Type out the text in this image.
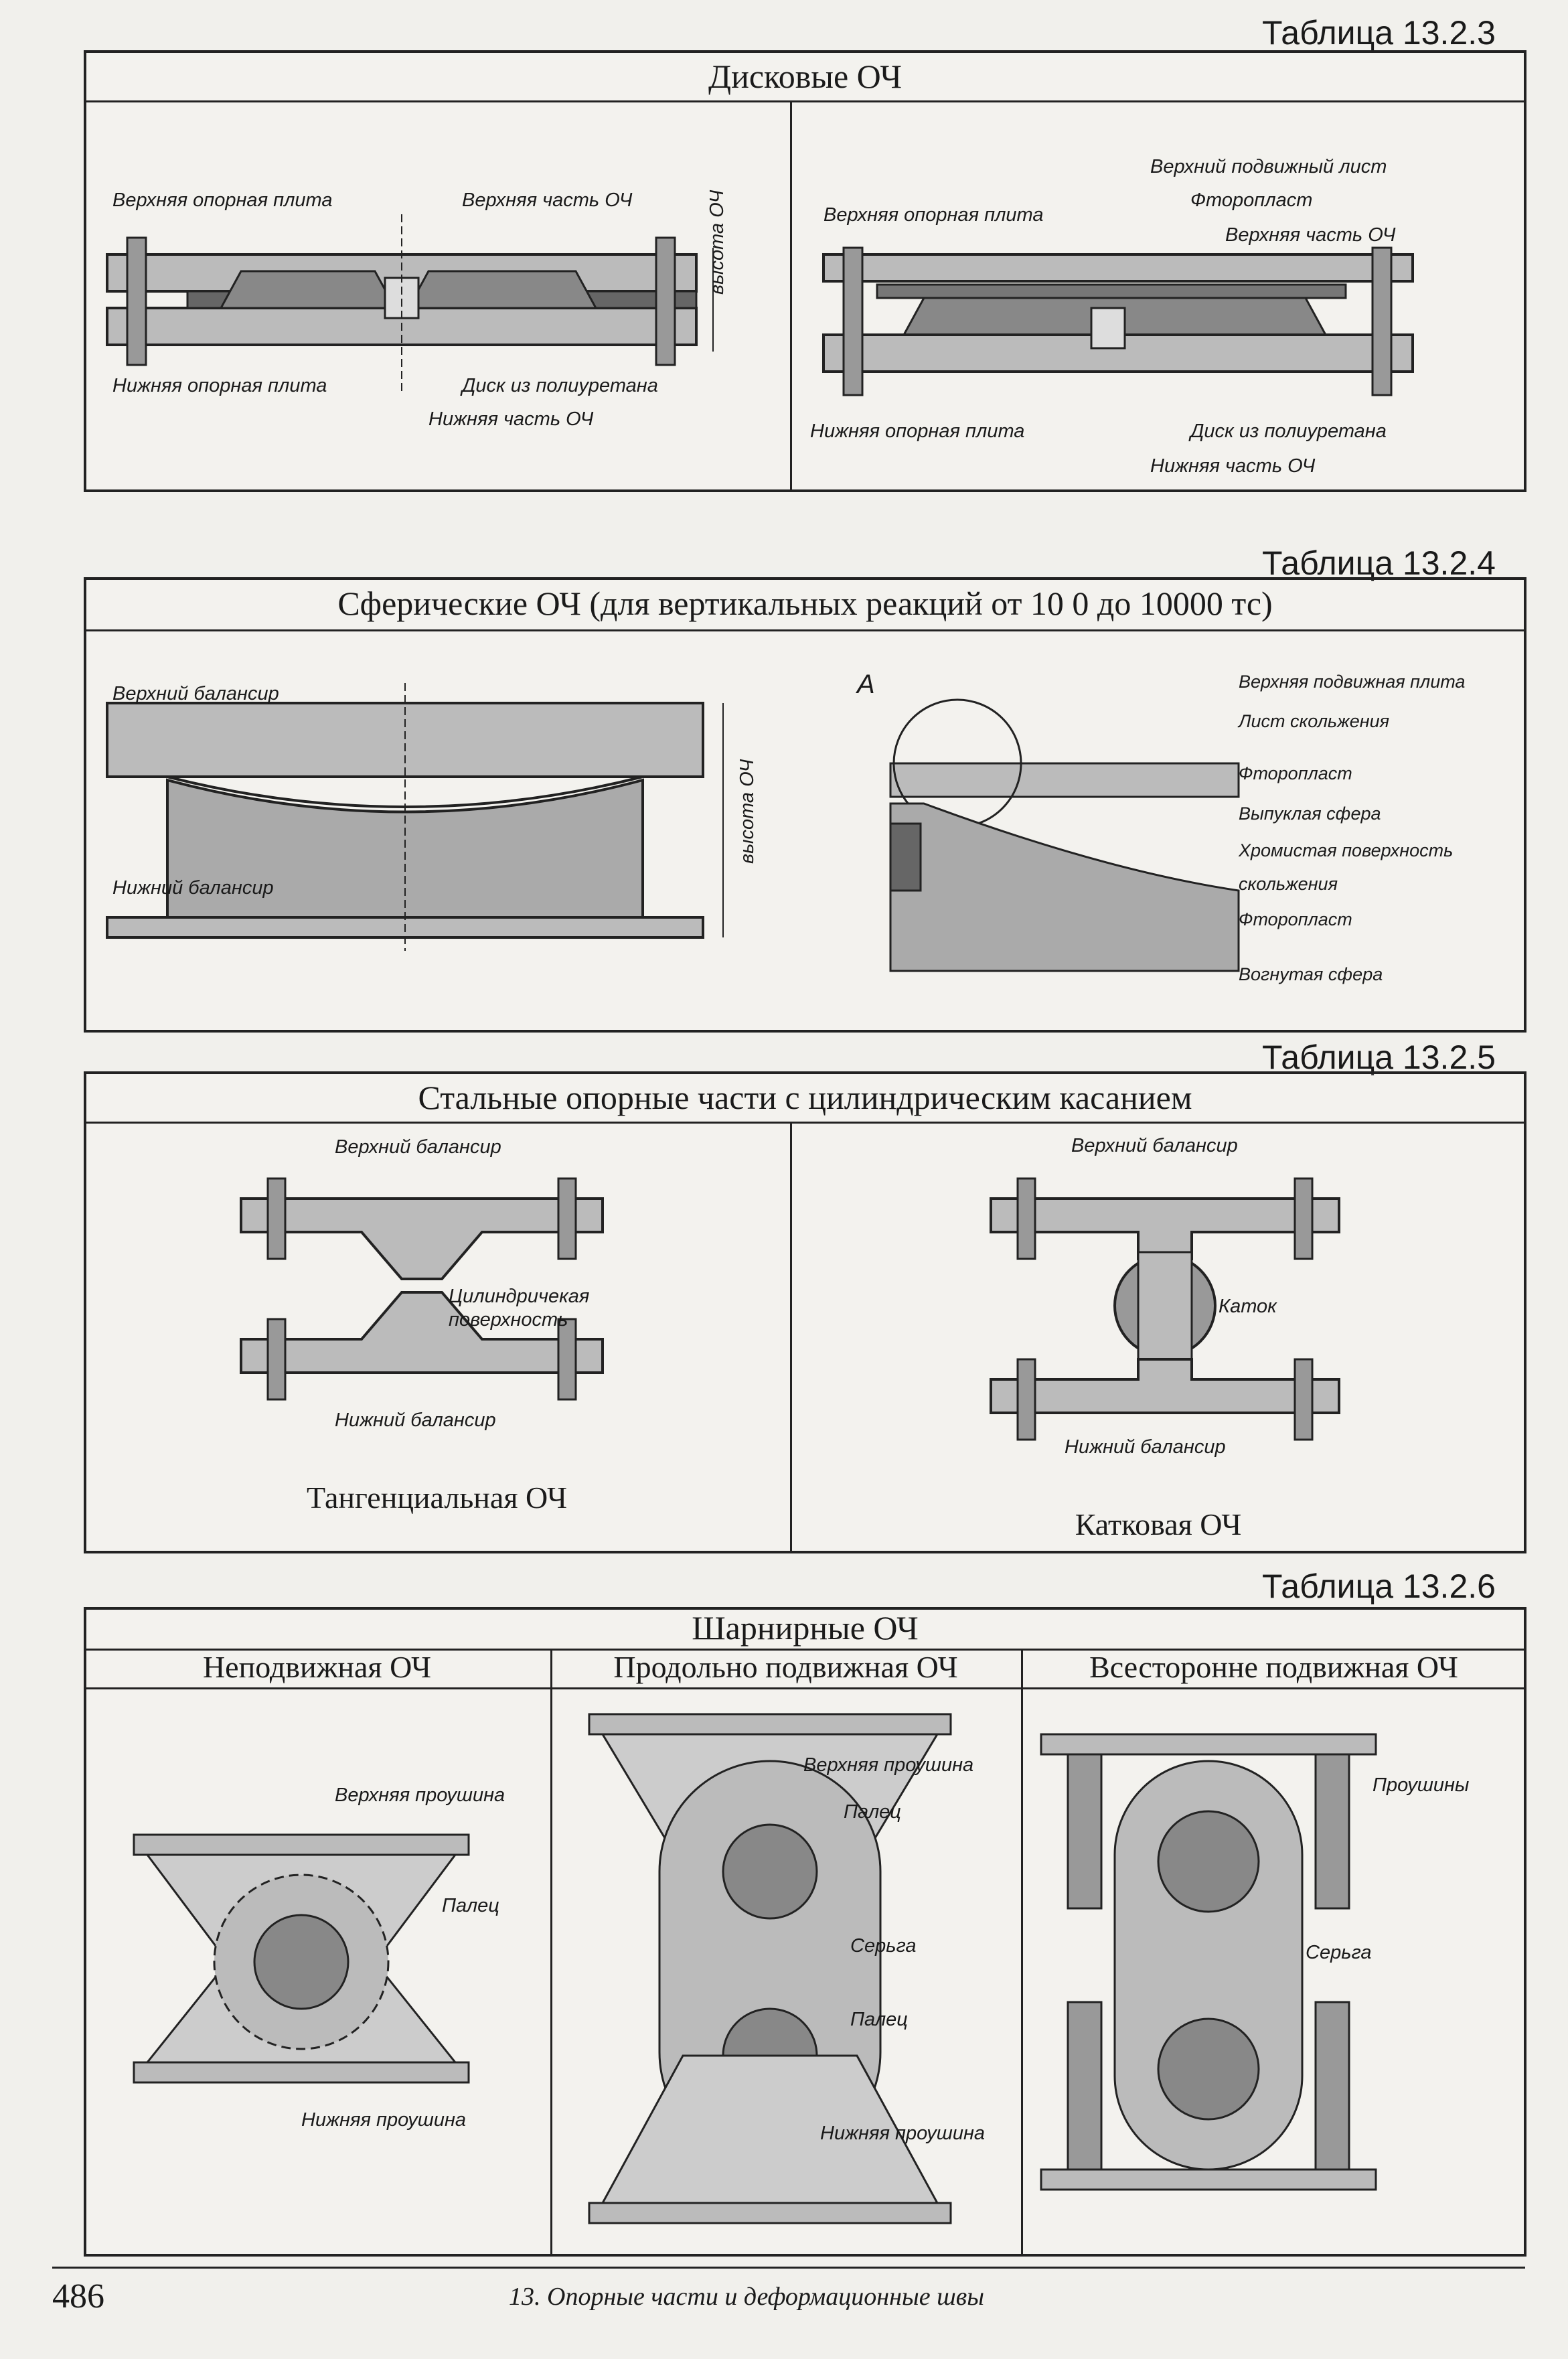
Таблица 13.2.3
Дисковые ОЧ
Верхняя опорная плита	Верхняя часть ОЧ	высота ОЧ
Нижняя опорная плита	Диск из полиуретана
Нижняя часть ОЧ
Верхний подвижный лист
Фторопласт
Верхняя опорная плита
Верхняя часть ОЧ
Нижняя опорная плита	Диск из полиуретана
Нижняя часть ОЧ
Таблица 13.2.4
Сферические ОЧ (для вертикальных реакций от 10 0 до 10000 тс)
Верхний балансир
высота ОЧ
Нижний балансир
А	Верхняя подвижная плита
Лист скольжения
Фторопласт
Выпуклая сфера
Хромистая поверхность
скольжения
Фторопласт
Вогнутая сфера
Таблица 13.2.5
Стальные опорные части с цилиндрическим касанием
Верхний балансир
Цилиндричекая
поверхность
Нижний балансир
Тангенциальная ОЧ
Верхний балансир
Каток
Нижний балансир
Катковая ОЧ
Таблица 13.2.6
Шарнирные ОЧ
Неподвижная ОЧ	Продольно подвижная ОЧ	Всесторонне подвижная ОЧ
Верхняя проушина
Палец
Нижняя проушина
Верхняя проушина
Палец
Серьга
Палец
Нижняя проушина
Проушины
Серьга
486	13. Опорные части и деформационные швы
